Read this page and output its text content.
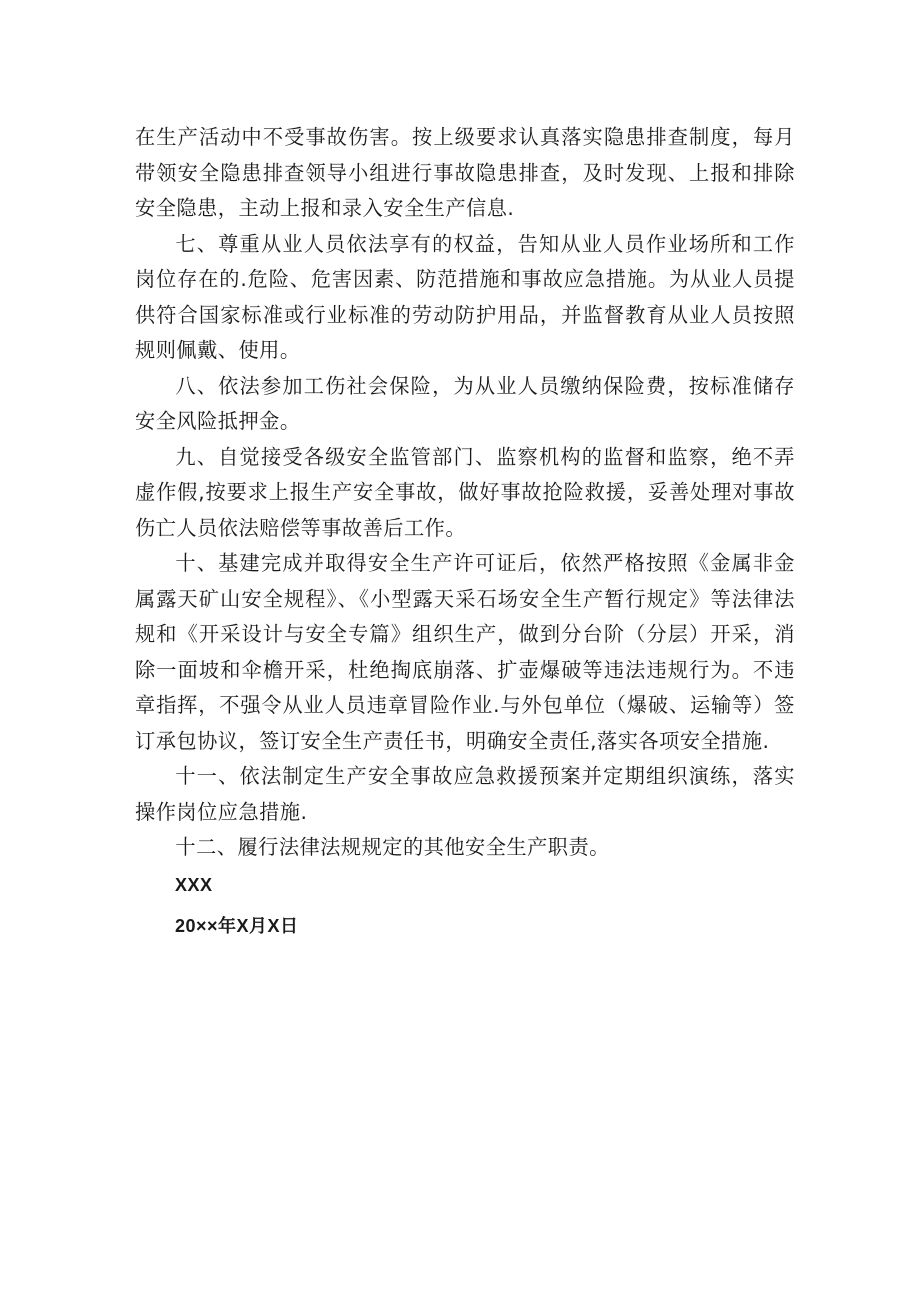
在生产活动中不受事故伤害。按上级要求认真落实隐患排查制度，每月带领安全隐患排查领导小组进行事故隐患排查，及时发现、上报和排除安全隐患，主动上报和录入安全生产信息.

七、尊重从业人员依法享有的权益，告知从业人员作业场所和工作岗位存在的.危险、危害因素、防范措施和事故应急措施。为从业人员提供符合国家标准或行业标准的劳动防护用品，并监督教育从业人员按照规则佩戴、使用。

八、依法参加工伤社会保险，为从业人员缴纳保险费，按标准储存安全风险抵押金。

九、自觉接受各级安全监管部门、监察机构的监督和监察，绝不弄虚作假,按要求上报生产安全事故，做好事故抢险救援，妥善处理对事故伤亡人员依法赔偿等事故善后工作。

十、基建完成并取得安全生产许可证后，依然严格按照《金属非金属露天矿山安全规程》、《小型露天采石场安全生产暂行规定》等法律法规和《开采设计与安全专篇》组织生产，做到分台阶（分层）开采，消除一面坡和伞檐开采，杜绝掏底崩落、扩壶爆破等违法违规行为。不违章指挥，不强令从业人员违章冒险作业.与外包单位（爆破、运输等）签订承包协议，签订安全生产责任书，明确安全责任,落实各项安全措施.

十一、依法制定生产安全事故应急救援预案并定期组织演练，落实操作岗位应急措施.

十二、履行法律法规规定的其他安全生产职责。

XXX

20××年X月X日
